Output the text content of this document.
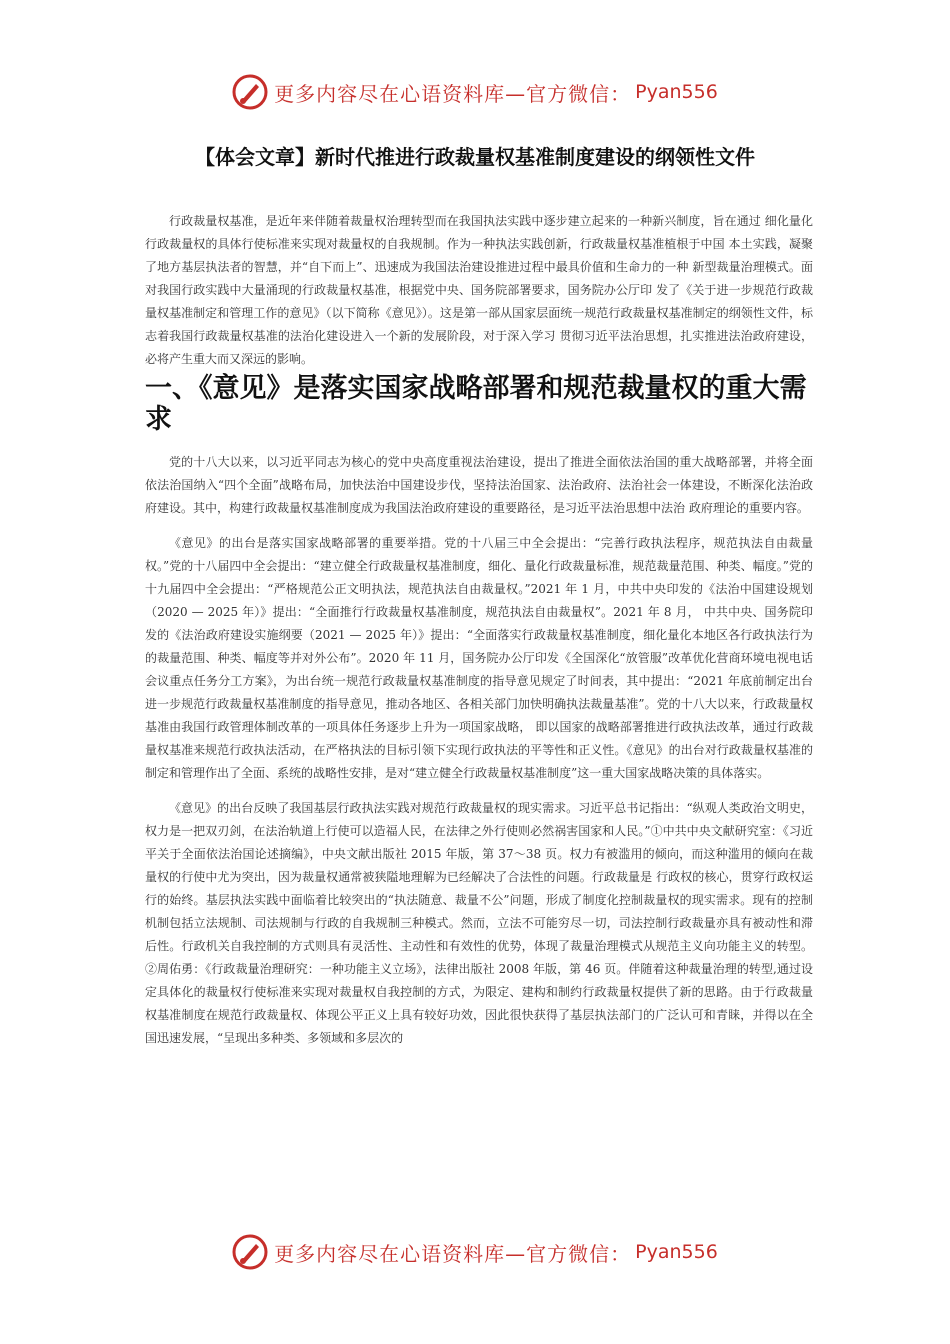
更多内容尽在心语资料库—官方微信： Pyan556
【体会文章】新时代推进行政裁量权基准制度建设的纲领性文件

行政裁量权基准，是近年来伴随着裁量权治理转型而在我国执法实践中逐步建立起来的一种新兴制度，旨在通过 细化量化行政裁量权的具体行使标准来实现对裁量权的自我规制。作为一种执法实践创新，行政裁量权基准植根于中国 本土实践，凝聚了地方基层执法者的智慧，并“自下而上”、迅速成为我国法治建设推进过程中最具价值和生命力的一种 新型裁量治理模式。面对我国行政实践中大量涌现的行政裁量权基准，根据党中央、国务院部署要求，国务院办公厅印 发了《关于进一步规范行政裁量权基准制定和管理工作的意见》（以下简称《意见》）。这是第一部从国家层面统一规范行政裁量权基准制定的纲领性文件，标志着我国行政裁量权基准的法治化建设进入一个新的发展阶段，对于深入学习 贯彻习近平法治思想，扎实推进法治政府建设，必将产生重大而又深远的影响。

一、《意见》是落实国家战略部署和规范裁量权的重大需求

党的十八大以来，以习近平同志为核心的党中央高度重视法治建设，提出了推进全面依法治国的重大战略部署，并将全面依法治国纳入“四个全面”战略布局，加快法治中国建设步伐，坚持法治国家、法治政府、法治社会一体建设，不断深化法治政府建设。其中，构建行政裁量权基准制度成为我国法治政府建设的重要路径，是习近平法治思想中法治 政府理论的重要内容。

《意见》的出台是落实国家战略部署的重要举措。党的十八届三中全会提出：“完善行政执法程序，规范执法自由裁量权。”党的十八届四中全会提出：“建立健全行政裁量权基准制度，细化、量化行政裁量标准，规范裁量范围、种类、幅度。”党的十九届四中全会提出：“严格规范公正文明执法，规范执法自由裁量权。”2021 年 1 月，中共中央印发的《法治中国建设规划（2020 — 2025 年）》提出：“全面推行行政裁量权基准制度，规范执法自由裁量权”。2021 年 8 月， 中共中央、国务院印发的《法治政府建设实施纲要（2021 — 2025 年）》提出：“全面落实行政裁量权基准制度，细化量化本地区各行政执法行为的裁量范围、种类、幅度等并对外公布”。2020 年 11 月，国务院办公厅印发《全国深化“放管服”改革优化营商环境电视电话会议重点任务分工方案》，为出台统一规范行政裁量权基准制度的指导意见规定了时间表，其中提出：“2021 年底前制定出台进一步规范行政裁量权基准制度的指导意见，推动各地区、各相关部门加快明确执法裁量基准”。党的十八大以来，行政裁量权基准由我国行政管理体制改革的一项具体任务逐步上升为一项国家战略， 即以国家的战略部署推进行政执法改革，通过行政裁量权基准来规范行政执法活动，在严格执法的目标引领下实现行政执法的平等性和正义性。《意见》的出台对行政裁量权基准的制定和管理作出了全面、系统的战略性安排，是对“建立健全行政裁量权基准制度”这一重大国家战略决策的具体落实。

《意见》的出台反映了我国基层行政执法实践对规范行政裁量权的现实需求。习近平总书记指出：“纵观人类政治文明史，权力是一把双刃剑，在法治轨道上行使可以造福人民，在法律之外行使则必然祸害国家和人民。”①中共中央文献研究室：《习近平关于全面依法治国论述摘编》，中央文献出版社 2015 年版，第 37～38 页。权力有被滥用的倾向，而这种滥用的倾向在裁量权的行使中尤为突出，因为裁量权通常被狭隘地理解为已经解决了合法性的问题。行政裁量是 行政权的核心，贯穿行政权运行的始终。基层执法实践中面临着比较突出的“执法随意、裁量不公”问题，形成了制度化控制裁量权的现实需求。现有的控制机制包括立法规制、司法规制与行政的自我规制三种模式。然而，立法不可能穷尽一切，司法控制行政裁量亦具有被动性和滞后性。行政机关自我控制的方式则具有灵活性、主动性和有效性的优势，体现了裁量治理模式从规范主义向功能主义的转型。②周佑勇：《行政裁量治理研究：一种功能主义立场》，法律出版社 2008 年版，第 46 页。伴随着这种裁量治理的转型,通过设定具体化的裁量权行使标准来实现对裁量权自我控制的方式，为限定、建构和制约行政裁量权提供了新的思路。由于行政裁量权基准制度在规范行政裁量权、体现公平正义上具有较好功效，因此很快获得了基层执法部门的广泛认可和青睐，并得以在全国迅速发展，“呈现出多种类、多领域和多层次的

更多内容尽在心语资料库—官方微信： Pyan556
